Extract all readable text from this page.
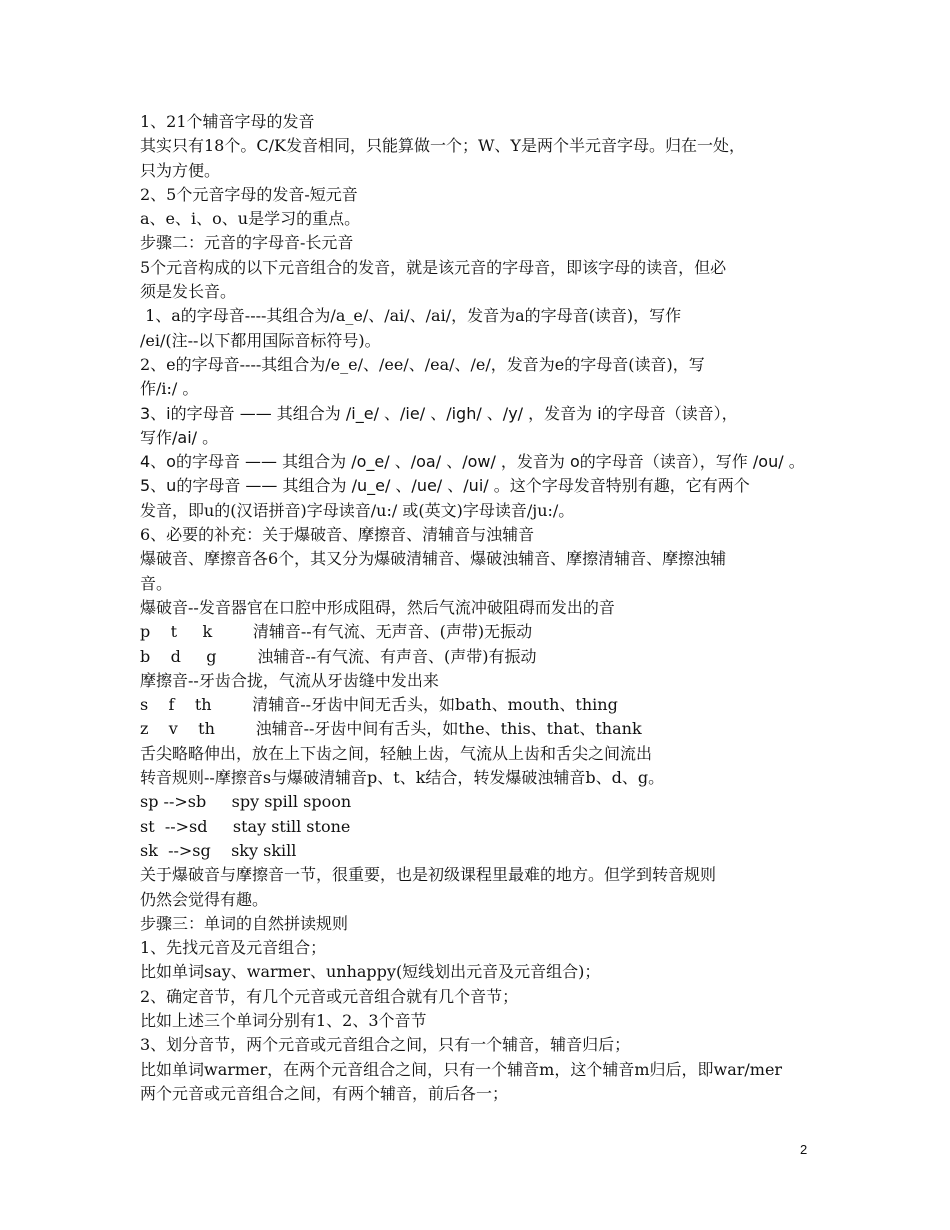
1、21个辅音字母的发音
其实只有18个。C/K发音相同，只能算做一个；W、Y是两个半元音字母。归在一处，
只为方便。
2、5个元音字母的发音-短元音
a、e、i、o、u是学习的重点。
步骤二：元音的字母音-长元音
5个元音构成的以下元音组合的发音，就是该元音的字母音，即该字母的读音，但必
须是发长音。
1、a的字母音----其组合为/a_e/、/ai/、/ai/，发音为a的字母音(读音)，写作
/ei/(注--以下都用国际音标符号)。
2、e的字母音----其组合为/e_e/、/ee/、/ea/、/e/，发音为e的字母音(读音)，写
作/i:/ 。
3、i的字母音 —— 其组合为 /i_e/ 、/ie/ 、/igh/ 、/y/ ，发音为 i的字母音（读音），
写作/ai/ 。
4、o的字母音 —— 其组合为 /o_e/ 、/oa/ 、/ow/ ，发音为 o的字母音（读音），写作 /ou/ 。
5、u的字母音 —— 其组合为 /u_e/ 、/ue/ 、/ui/ 。这个字母发音特别有趣，它有两个
发音，即u的(汉语拼音)字母读音/u:/ 或(英文)字母读音/ju:/。
6、必要的补充：关于爆破音、摩擦音、清辅音与浊辅音
爆破音、摩擦音各6个，其又分为爆破清辅音、爆破浊辅音、摩擦清辅音、摩擦浊辅
音。
爆破音--发音器官在口腔中形成阻碍，然后气流冲破阻碍而发出的音
p    t     k        清辅音--有气流、无声音、(声带)无振动
b    d     g        浊辅音--有气流、有声音、(声带)有振动
摩擦音--牙齿合拢，气流从牙齿缝中发出来
s    f    th        清辅音--牙齿中间无舌头，如bath、mouth、thing
z    v    th        浊辅音--牙齿中间有舌头，如the、this、that、thank
舌尖略略伸出，放在上下齿之间，轻触上齿，气流从上齿和舌尖之间流出
转音规则--摩擦音s与爆破清辅音p、t、k结合，转发爆破浊辅音b、d、g。
sp -->sb     spy spill spoon
st  -->sd     stay still stone
sk  -->sg    sky skill
关于爆破音与摩擦音一节，很重要，也是初级课程里最难的地方。但学到转音规则
仍然会觉得有趣。
步骤三：单词的自然拼读规则
1、先找元音及元音组合；
比如单词say、warmer、unhappy(短线划出元音及元音组合)；
2、确定音节，有几个元音或元音组合就有几个音节；
比如上述三个单词分别有1、2、3个音节
3、划分音节，两个元音或元音组合之间，只有一个辅音，辅音归后；
比如单词warmer，在两个元音组合之间，只有一个辅音m，这个辅音m归后，即war/mer
两个元音或元音组合之间，有两个辅音，前后各一；
2
